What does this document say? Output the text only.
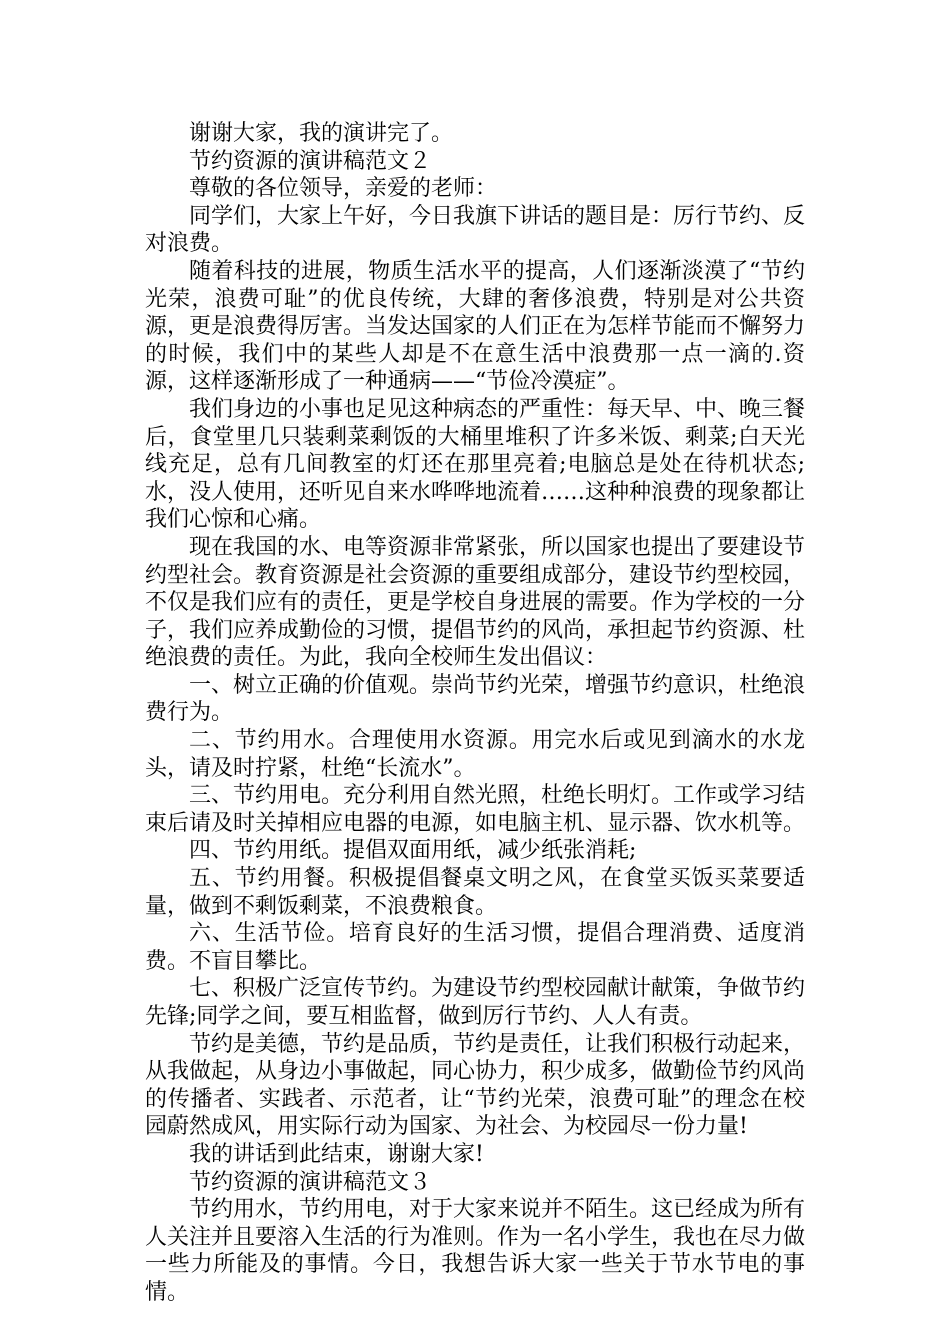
谢谢大家，我的演讲完了。

节约资源的演讲稿范文２

尊敬的各位领导，亲爱的老师：

同学们，大家上午好，今日我旗下讲话的题目是：厉行节约、反对浪费。

随着科技的进展，物质生活水平的提高，人们逐渐淡漠了“节约光荣，浪费可耻”的优良传统，大肆的奢侈浪费，特别是对公共资源，更是浪费得厉害。当发达国家的人们正在为怎样节能而不懈努力的时候，我们中的某些人却是不在意生活中浪费那一点一滴的.资源，这样逐渐形成了一种通病——“节俭冷漠症”。

我们身边的小事也足见这种病态的严重性：每天早、中、晚三餐后，食堂里几只装剩菜剩饭的大桶里堆积了许多米饭、剩菜;白天光线充足，总有几间教室的灯还在那里亮着;电脑总是处在待机状态;水，没人使用，还听见自来水哗哗地流着……这种种浪费的现象都让我们心惊和心痛。

现在我国的水、电等资源非常紧张，所以国家也提出了要建设节约型社会。教育资源是社会资源的重要组成部分，建设节约型校园，不仅是我们应有的责任，更是学校自身进展的需要。作为学校的一分子，我们应养成勤俭的习惯，提倡节约的风尚，承担起节约资源、杜绝浪费的责任。为此，我向全校师生发出倡议：

一、树立正确的价值观。崇尚节约光荣，增强节约意识，杜绝浪费行为。

二、节约用水。合理使用水资源。用完水后或见到滴水的水龙头，请及时拧紧，杜绝“长流水”。

三、节约用电。充分利用自然光照，杜绝长明灯。工作或学习结束后请及时关掉相应电器的电源，如电脑主机、显示器、饮水机等。

四、节约用纸。提倡双面用纸，减少纸张消耗;

五、节约用餐。积极提倡餐桌文明之风，在食堂买饭买菜要适量，做到不剩饭剩菜，不浪费粮食。

六、生活节俭。培育良好的生活习惯，提倡合理消费、适度消费。不盲目攀比。

七、积极广泛宣传节约。为建设节约型校园献计献策，争做节约先锋;同学之间，要互相监督，做到厉行节约、人人有责。

节约是美德，节约是品质，节约是责任，让我们积极行动起来，从我做起，从身边小事做起，同心协力，积少成多，做勤俭节约风尚的传播者、实践者、示范者，让“节约光荣，浪费可耻”的理念在校园蔚然成风，用实际行动为国家、为社会、为校园尽一份力量!

我的讲话到此结束，谢谢大家!

节约资源的演讲稿范文３

节约用水，节约用电，对于大家来说并不陌生。这已经成为所有人关注并且要溶入生活的行为准则。作为一名小学生，我也在尽力做一些力所能及的事情。今日，我想告诉大家一些关于节水节电的事情。
